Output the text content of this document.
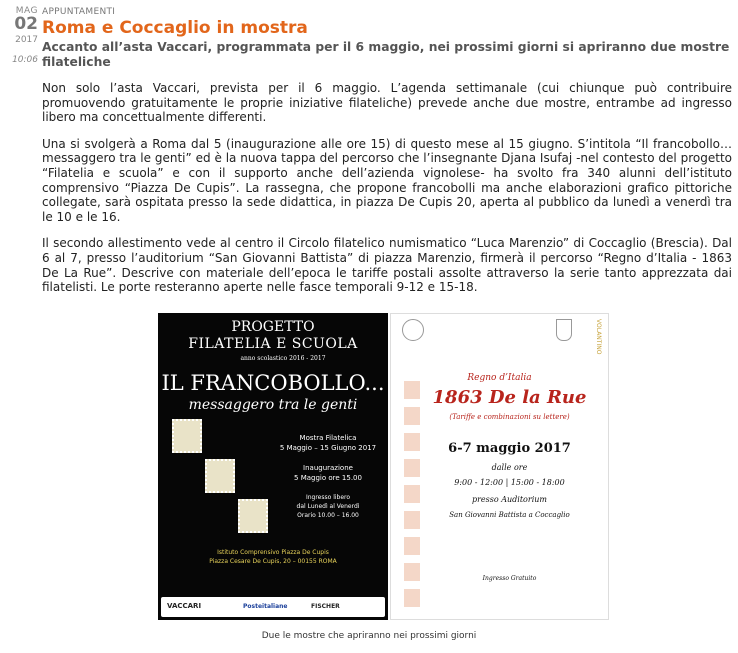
MAG
02
2017
10:06
APPUNTAMENTI
Roma e Coccaglio in mostra
Accanto all’asta Vaccari, programmata per il 6 maggio, nei prossimi giorni si apriranno due mostre filateliche

Non solo l’asta Vaccari, prevista per il 6 maggio. L’agenda settimanale (cui chiunque può contribuire promuovendo gratuitamente le proprie iniziative filateliche) prevede anche due mostre, entrambe ad ingresso libero ma concettualmente differenti.

Una si svolgerà a Roma dal 5 (inaugurazione alle ore 15) di questo mese al 15 giugno. S’intitola “Il francobollo… messaggero tra le genti” ed è la nuova tappa del percorso che l’insegnante Djana Isufaj -nel contesto del progetto “Filatelia e scuola” e con il supporto anche dell’azienda vignolese- ha svolto fra 340 alunni dell’istituto comprensivo “Piazza De Cupis”. La rassegna, che propone francobolli ma anche elaborazioni grafico pittoriche collegate, sarà ospitata presso la sede didattica, in piazza De Cupis 20, aperta al pubblico da lunedì a venerdì tra le 10 e le 16.

Il secondo allestimento vede al centro il Circolo filatelico numismatico “Luca Marenzio” di Coccaglio (Brescia). Dal 6 al 7, presso l’auditorium “San Giovanni Battista” di piazza Marenzio, firmerà il percorso “Regno d’Italia - 1863 De La Rue”. Descrive con materiale dell’epoca le tariffe postali assolte attraverso la serie tanto apprezzata dai filatelisti. Le porte resteranno aperte nelle fasce temporali 9-12 e 15-18.

PROGETTO
FILATELIA E SCUOLA
anno scolastico 2016 - 2017
IL FRANCOBOLLO...
messaggero tra le genti
Mostra Filatelica
5 Maggio – 15 Giugno 2017
Inaugurazione
5 Maggio ore 15.00
Ingresso libero
dal Lunedì al Venerdì
Orario 10.00 – 16.00
Istituto Comprensivo Piazza De Cupis
Piazza Cesare De Cupis, 20 – 00155 ROMA
VACCARI	Posteitaliane	FISCHER
VOLANTINO
Regno d’Italia
1863 De la Rue
(Tariffe e combinazioni su lettere)
6-7 maggio 2017
dalle ore
9:00 - 12:00 | 15:00 - 18:00
presso Auditorium
San Giovanni Battista a Coccaglio
Ingresso Gratuito
Due le mostre che apriranno nei prossimi giorni
